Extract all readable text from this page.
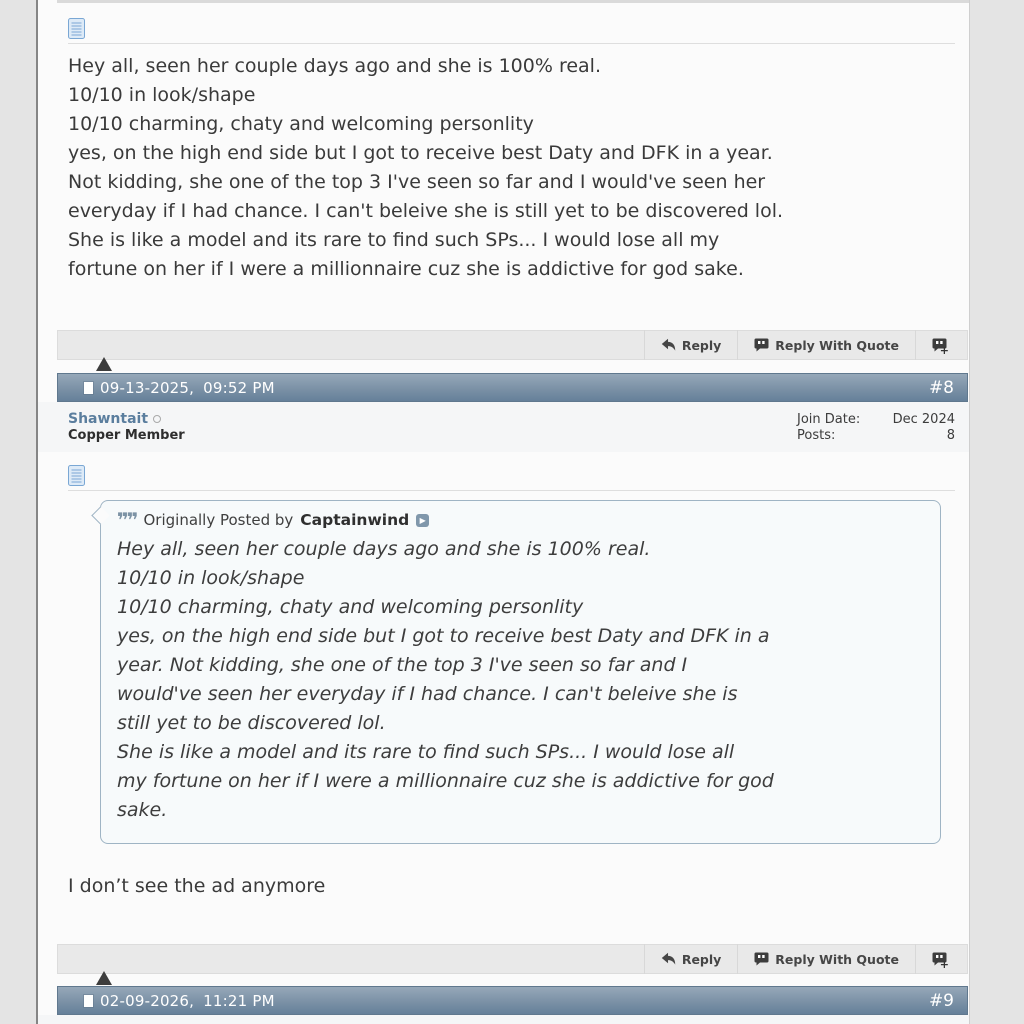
Hey all, seen her couple days ago and she is 100% real.
10/10 in look/shape
10/10 charming, chaty and welcoming personlity
yes, on the high end side but I got to receive best Daty and DFK in a year.
Not kidding, she one of the top 3 I've seen so far and I would've seen her
everyday if I had chance. I can't beleive she is still yet to be discovered lol.
She is like a model and its rare to find such SPs... I would lose all my
fortune on her if I were a millionnaire cuz she is addictive for god sake.
!	Reply	Reply With Quote	+
09-13-2025, 09:52 PM	#8
Shawntait
Copper Member
Join Date: Dec 2024
Posts:	8
❞❞ Originally Posted by Captainwind	▶
Hey all, seen her couple days ago and she is 100% real.
10/10 in look/shape
10/10 charming, chaty and welcoming personlity
yes, on the high end side but I got to receive best Daty and DFK in a
year. Not kidding, she one of the top 3 I've seen so far and I
would've seen her everyday if I had chance. I can't beleive she is
still yet to be discovered lol.
She is like a model and its rare to find such SPs... I would lose all
my fortune on her if I were a millionnaire cuz she is addictive for god
sake.
I don’t see the ad anymore
!	Reply	Reply With Quote	+
02-09-2026, 11:21 PM	#9
